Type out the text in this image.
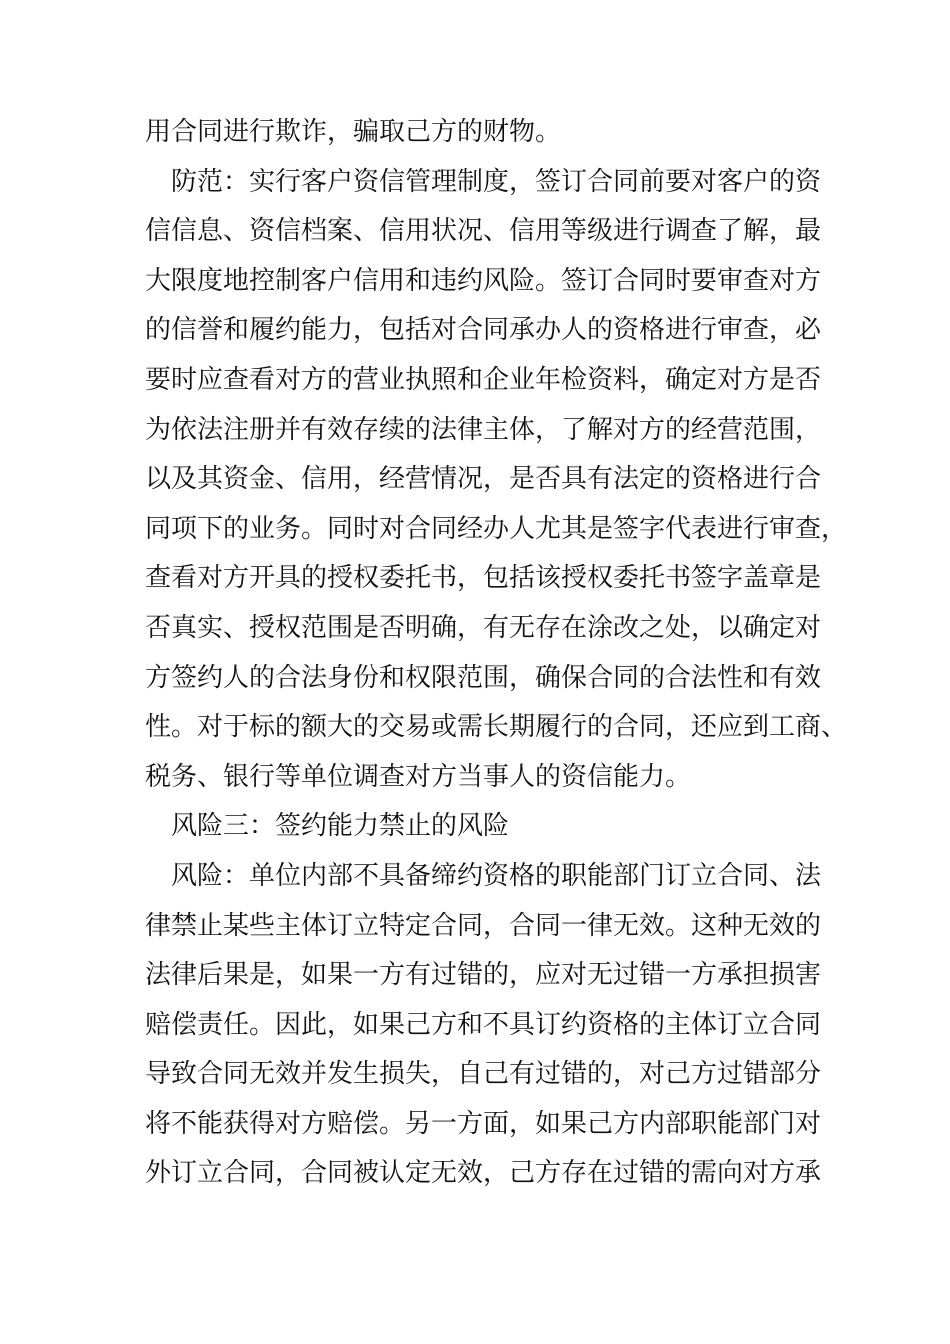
用合同进行欺诈，骗取己方的财物。
防范：实行客户资信管理制度，签订合同前要对客户的资
信信息、资信档案、信用状况、信用等级进行调查了解，最
大限度地控制客户信用和违约风险。签订合同时要审查对方
的信誉和履约能力，包括对合同承办人的资格进行审查，必
要时应查看对方的营业执照和企业年检资料，确定对方是否
为依法注册并有效存续的法律主体，了解对方的经营范围，
以及其资金、信用，经营情况，是否具有法定的资格进行合
同项下的业务。同时对合同经办人尤其是签字代表进行审查，
查看对方开具的授权委托书，包括该授权委托书签字盖章是
否真实、授权范围是否明确，有无存在涂改之处，以确定对
方签约人的合法身份和权限范围，确保合同的合法性和有效
性。对于标的额大的交易或需长期履行的合同，还应到工商、
税务、银行等单位调查对方当事人的资信能力。
风险三：签约能力禁止的风险
风险：单位内部不具备缔约资格的职能部门订立合同、法
律禁止某些主体订立特定合同，合同一律无效。这种无效的
法律后果是，如果一方有过错的，应对无过错一方承担损害
赔偿责任。因此，如果己方和不具订约资格的主体订立合同
导致合同无效并发生损失，自己有过错的，对己方过错部分
将不能获得对方赔偿。另一方面，如果己方内部职能部门对
外订立合同，合同被认定无效，己方存在过错的需向对方承
